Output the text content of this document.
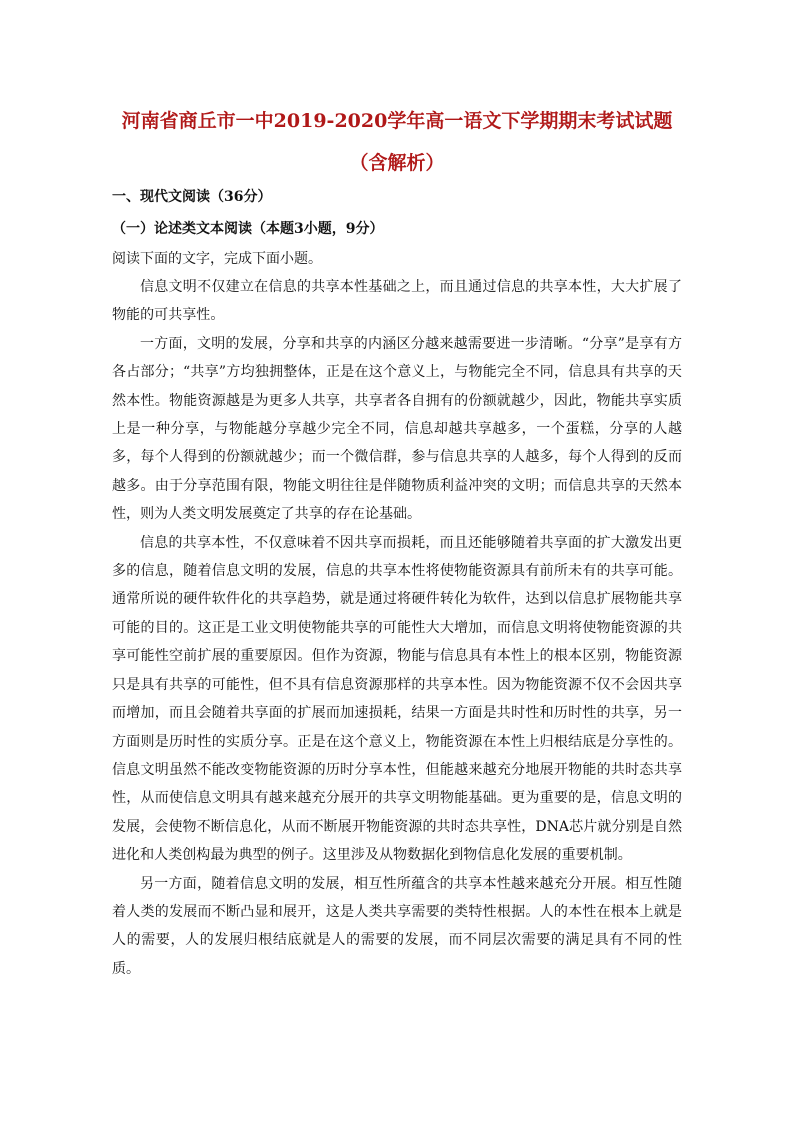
河南省商丘市一中2019-2020学年高一语文下学期期末考试试题（含解析）
一、现代文阅读（36分）
（一）论述类文本阅读（本题3小题，9分）
阅读下面的文字，完成下面小题。

信息文明不仅建立在信息的共享本性基础之上，而且通过信息的共享本性，大大扩展了物能的可共享性。

一方面，文明的发展，分享和共享的内涵区分越来越需要进一步清晰。“分享”是享有方各占部分；“共享”方均独拥整体，正是在这个意义上，与物能完全不同，信息具有共享的天然本性。物能资源越是为更多人共享，共享者各自拥有的份额就越少，因此，物能共享实质上是一种分享，与物能越分享越少完全不同，信息却越共享越多，一个蛋糕，分享的人越多，每个人得到的份额就越少；而一个微信群，参与信息共享的人越多，每个人得到的反而越多。由于分享范围有限，物能文明往往是伴随物质利益冲突的文明；而信息共享的天然本性，则为人类文明发展奠定了共享的存在论基础。

信息的共享本性，不仅意味着不因共享而损耗，而且还能够随着共享面的扩大激发出更多的信息，随着信息文明的发展，信息的共享本性将使物能资源具有前所未有的共享可能。通常所说的硬件软件化的共享趋势，就是通过将硬件转化为软件，达到以信息扩展物能共享可能的目的。这正是工业文明使物能共享的可能性大大增加，而信息文明将使物能资源的共享可能性空前扩展的重要原因。但作为资源，物能与信息具有本性上的根本区别，物能资源只是具有共享的可能性，但不具有信息资源那样的共享本性。因为物能资源不仅不会因共享而增加，而且会随着共享面的扩展而加速损耗，结果一方面是共时性和历时性的共享，另一方面则是历时性的实质分享。正是在这个意义上，物能资源在本性上归根结底是分享性的。信息文明虽然不能改变物能资源的历时分享本性，但能越来越充分地展开物能的共时态共享性，从而使信息文明具有越来越充分展开的共享文明物能基础。更为重要的是，信息文明的发展，会使物不断信息化，从而不断展开物能资源的共时态共享性，DNA芯片就分别是自然进化和人类创构最为典型的例子。这里涉及从物数据化到物信息化发展的重要机制。

另一方面，随着信息文明的发展，相互性所蕴含的共享本性越来越充分开展。相互性随着人类的发展而不断凸显和展开，这是人类共享需要的类特性根据。人的本性在根本上就是人的需要，人的发展归根结底就是人的需要的发展，而不同层次需要的满足具有不同的性质。
